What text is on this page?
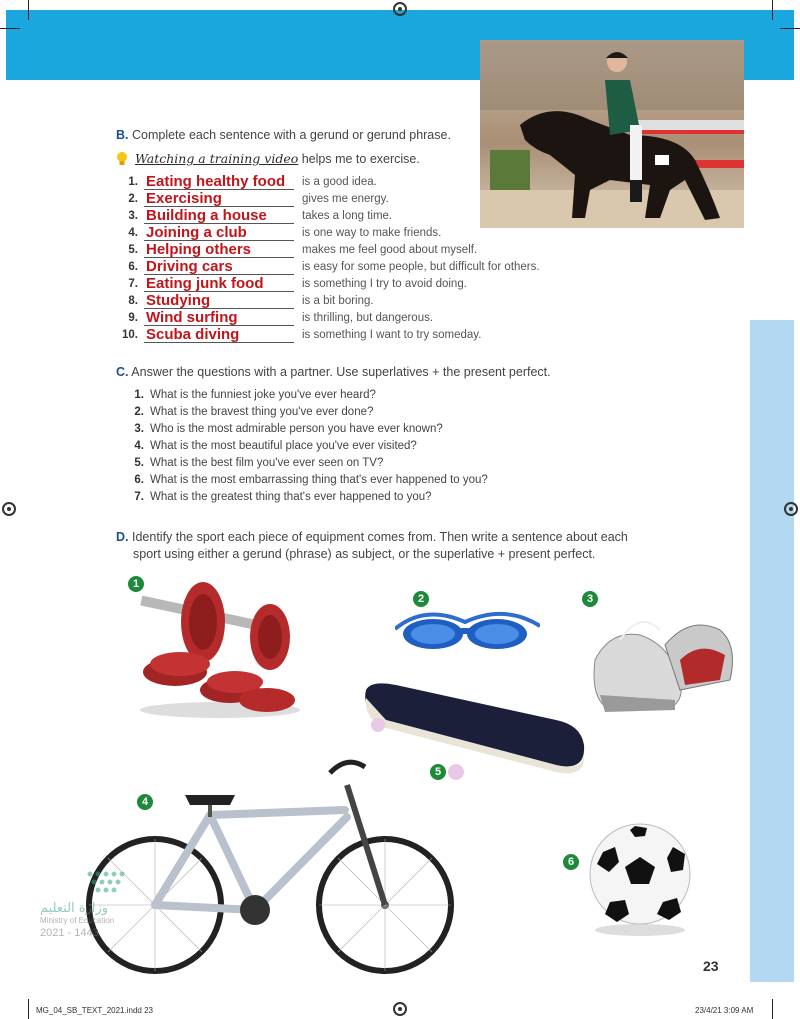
B. Complete each sentence with a gerund or gerund phrase.
Watching a training video helps me to exercise.
1. Eating healthy food is a good idea.
2. Exercising	gives me energy.
3. Building a house	takes a long time.
4. Joining a club	is one way to make friends.
5. Helping others	makes me feel good about myself.
6. Driving cars	is easy for some people, but difficult for others.
7. Eating junk food	is something I try to avoid doing.
8. Studying	is a bit boring.
9. Wind surfing	is thrilling, but dangerous.
10. Scuba diving	is something I want to try someday.
C. Answer the questions with a partner. Use superlatives + the present perfect.
1. What is the funniest joke you've ever heard?
2. What is the bravest thing you've ever done?
3. Who is the most admirable person you have ever known?
4. What is the most beautiful place you've ever visited?
5. What is the best film you've ever seen on TV?
6. What is the most embarrassing thing that's ever happened to you?
7. What is the greatest thing that's ever happened to you?
D. Identify the sport each piece of equipment comes from. Then write a sentence about each
sport using either a gerund (phrase) as subject, or the superlative + present perfect.
1
2	3
4
5
6
وزارة التعليم
Ministry of Education
2021 - 1443
23
MG_04_SB_TEXT_2021.indd 23	23/4/21 3:09 AM
